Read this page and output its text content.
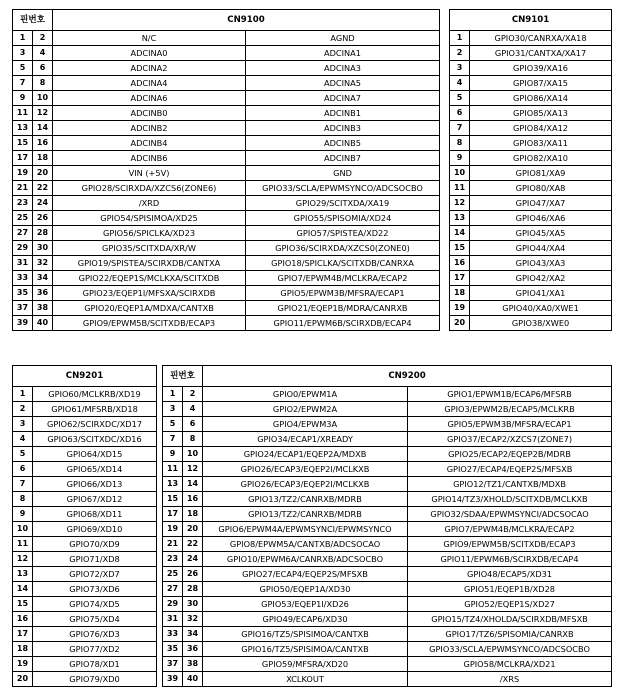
핀번호		CN9100			CN9101	
1	2	N/C	AGND		1	GPIO30/CANRXA/XA18
3	4	ADCINA0	ADCINA1		2	GPIO31/CANTXA/XA17
5	6	ADCINA2	ADCINA3		3	GPIO39/XA16
7	8	ADCINA4	ADCINA5		4	GPIO87/XA15
9	10	ADCINA6	ADCINA7		5	GPIO86/XA14
11	12	ADCINB0	ADCINB1		6	GPIO85/XA13
13	14	ADCINB2	ADCINB3		7	GPIO84/XA12
15	16	ADCINB4	ADCINB5		8	GPIO83/XA11
17	18	ADCINB6	ADCINB7		9	GPIO82/XA10
19	20	VIN (+5V)	GND		10	GPIO81/XA9
21	22	GPIO28/SCIRXDA/XZCS6(ZONE6)	GPIO33/SCLA/EPWMSYNCO/ADCSOCBO		11	GPIO80/XA8
23	24	/XRD	GPIO29/SCITXDA/XA19		12	GPIO47/XA7
25	26	GPIO54/SPISIMOA/XD25	GPIO55/SPISOMIA/XD24		13	GPIO46/XA6
27	28	GPIO56/SPICLKA/XD23	GPIO57/SPISTEA/XD22		14	GPIO45/XA5
29	30	GPIO35/SCITXDA/XR/W	GPIO36/SCIRXDA/XZCS0(ZONE0)		15	GPIO44/XA4
31	32	GPIO19/SPISTEA/SCIRXDB/CANTXA	GPIO18/SPICLKA/SCITXDB/CANRXA		16	GPIO43/XA3
33	34	GPIO22/EQEP1S/MCLKXA/SCITXDB	GPIO7/EPWM4B/MCLKRA/ECAP2		17	GPIO42/XA2
35	36	GPIO23/EQEP1I/MFSXA/SCIRXDB	GPIO5/EPWM3B/MFSRA/ECAP1		18	GPIO41/XA1
37	38	GPIO20/EQEP1A/MDXA/CANTXB	GPIO21/EQEP1B/MDRA/CANRXB		19	GPIO40/XA0/XWE1
39	40	GPIO9/EPWM5B/SCITXDB/ECAP3	GPIO11/EPWM6B/SCIRXDB/ECAP4		20	GPIO38/XWE0
CN9201			핀번호		CN9200	
1	GPIO60/MCLKRB/XD19		1	2	GPIO0/EPWM1A	GPIO1/EPWM1B/ECAP6/MFSRB
2	GPIO61/MFSRB/XD18		3	4	GPIO2/EPWM2A	GPIO3/EPWM2B/ECAP5/MCLKRB
3	GPIO62/SCIRXDC/XD17		5	6	GPIO4/EPWM3A	GPIO5/EPWM3B/MFSRA/ECAP1
4	GPIO63/SCITXDC/XD16		7	8	GPIO34/ECAP1/XREADY	GPIO37/ECAP2/XZCS7(ZONE7)
5	GPIO64/XD15		9	10	GPIO24/ECAP1/EQEP2A/MDXB	GPIO25/ECAP2/EQEP2B/MDRB
6	GPIO65/XD14		11	12	GPIO26/ECAP3/EQEP2I/MCLKXB	GPIO27/ECAP4/EQEP2S/MFSXB
7	GPIO66/XD13		13	14	GPIO26/ECAP3/EQEP2I/MCLKXB	GPIO12/TZ1/CANTXB/MDXB
8	GPIO67/XD12		15	16	GPIO13/TZ2/CANRXB/MDRB	GPIO14/TZ3/XHOLD/SCITXDB/MCLKXB
9	GPIO68/XD11		17	18	GPIO13/TZ2/CANRXB/MDRB	GPIO32/SDAA/EPWMSYNCI/ADCSOCAO
10	GPIO69/XD10		19	20	GPIO6/EPWM4A/EPWMSYNCI/EPWMSYNCO	GPIO7/EPWM4B/MCLKRA/ECAP2
11	GPIO70/XD9		21	22	GPIO8/EPWM5A/CANTXB/ADCSOCAO	GPIO9/EPWM5B/SCITXDB/ECAP3
12	GPIO71/XD8		23	24	GPIO10/EPWM6A/CANRXB/ADCSOCBO	GPIO11/EPWM6B/SCIRXDB/ECAP4
13	GPIO72/XD7		25	26	GPIO27/ECAP4/EQEP2S/MFSXB	GPIO48/ECAP5/XD31
14	GPIO73/XD6		27	28	GPIO50/EQEP1A/XD30	GPIO51/EQEP1B/XD28
15	GPIO74/XD5		29	30	GPIO53/EQEP1I/XD26	GPIO52/EQEP1S/XD27
16	GPIO75/XD4		31	32	GPIO49/ECAP6/XD30	GPIO15/TZ4/XHOLDA/SCIRXDB/MFSXB
17	GPIO76/XD3		33	34	GPIO16/TZ5/SPISIMOA/CANTXB	GPIO17/TZ6/SPISOMIA/CANRXB
18	GPIO77/XD2		35	36	GPIO16/TZ5/SPISIMOA/CANTXB	GPIO33/SCLA/EPWMSYNCO/ADCSOCBO
19	GPIO78/XD1		37	38	GPIO59/MFSRA/XD20	GPIO58/MCLKRA/XD21
20	GPIO79/XD0		39	40	XCLKOUT	/XRS
